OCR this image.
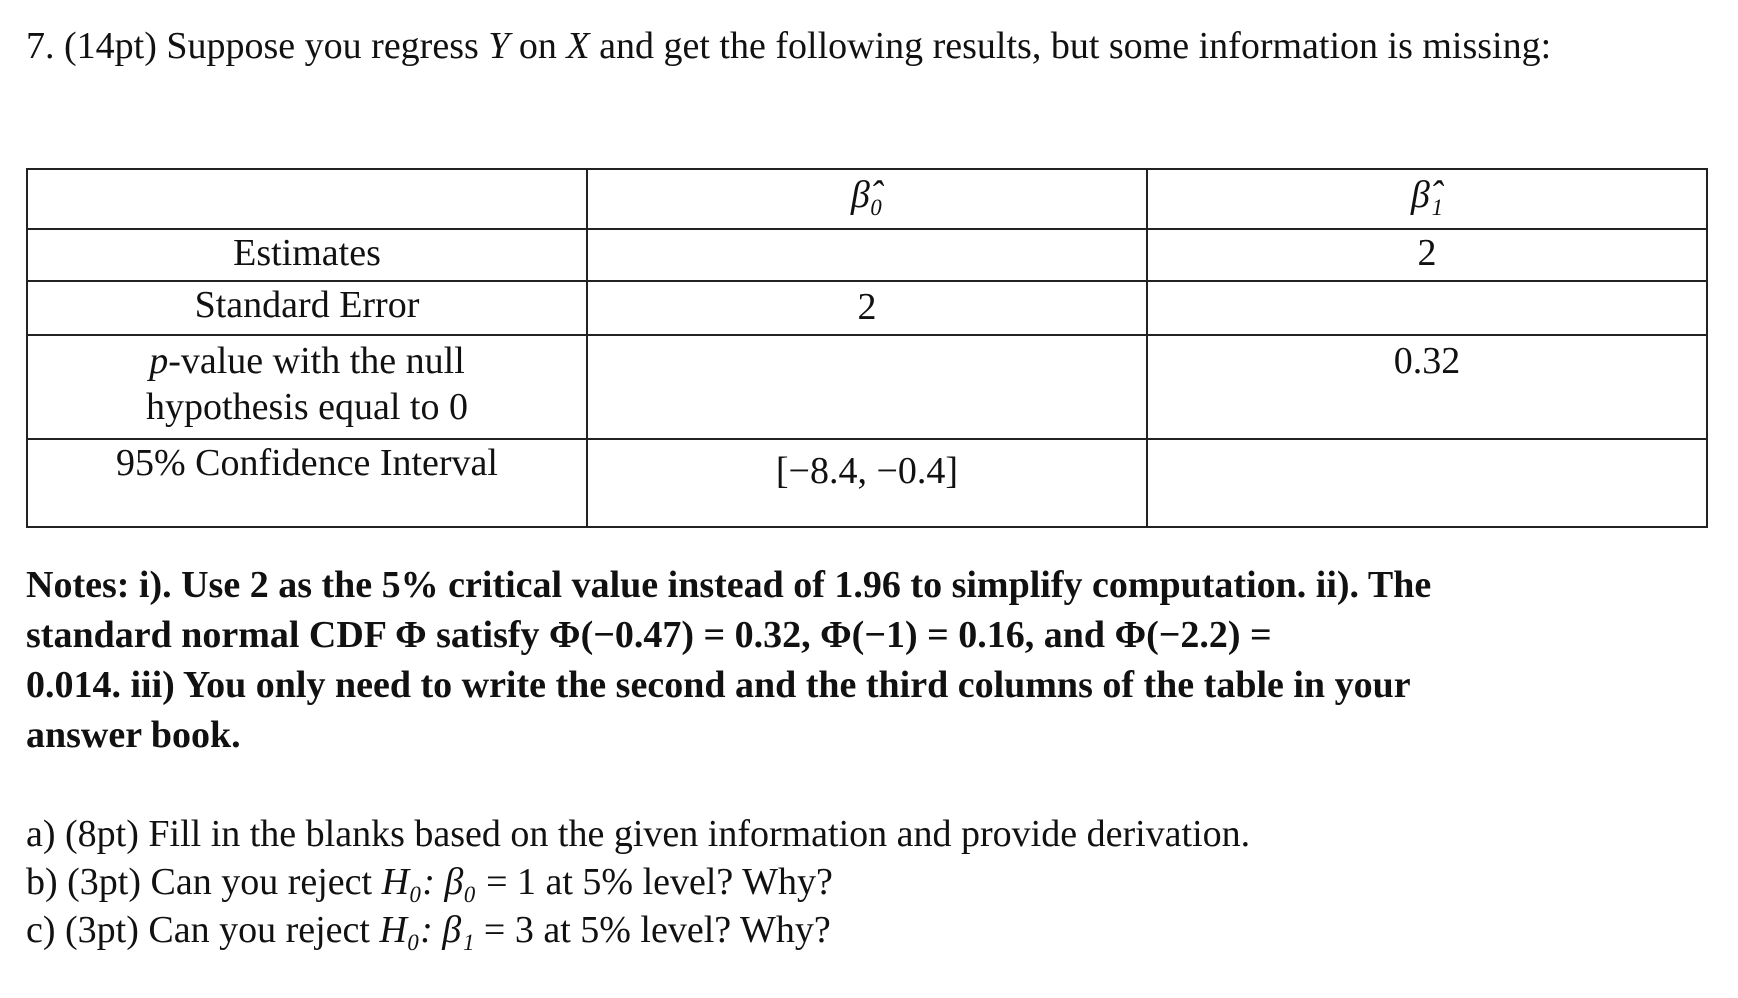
7. (14pt) Suppose you regress Y on X and get the following results, but some information is missing:
	β̂₀	β̂₁
Estimates		2
Standard Error	2	
p-value with the null
hypothesis equal to 0		0.32
95% Confidence Interval	[−8.4, −0.4]	
Notes: i). Use 2 as the 5% critical value instead of 1.96 to simplify computation. ii). The
standard normal CDF Φ satisfy Φ(−0.47) = 0.32, Φ(−1) = 0.16, and Φ(−2.2) =
0.014. iii) You only need to write the second and the third columns of the table in your
answer book.
a) (8pt) Fill in the blanks based on the given information and provide derivation.
b) (3pt) Can you reject H₀: β₀ = 1 at 5% level? Why?
c) (3pt) Can you reject H₀: β₁ = 3 at 5% level? Why?
